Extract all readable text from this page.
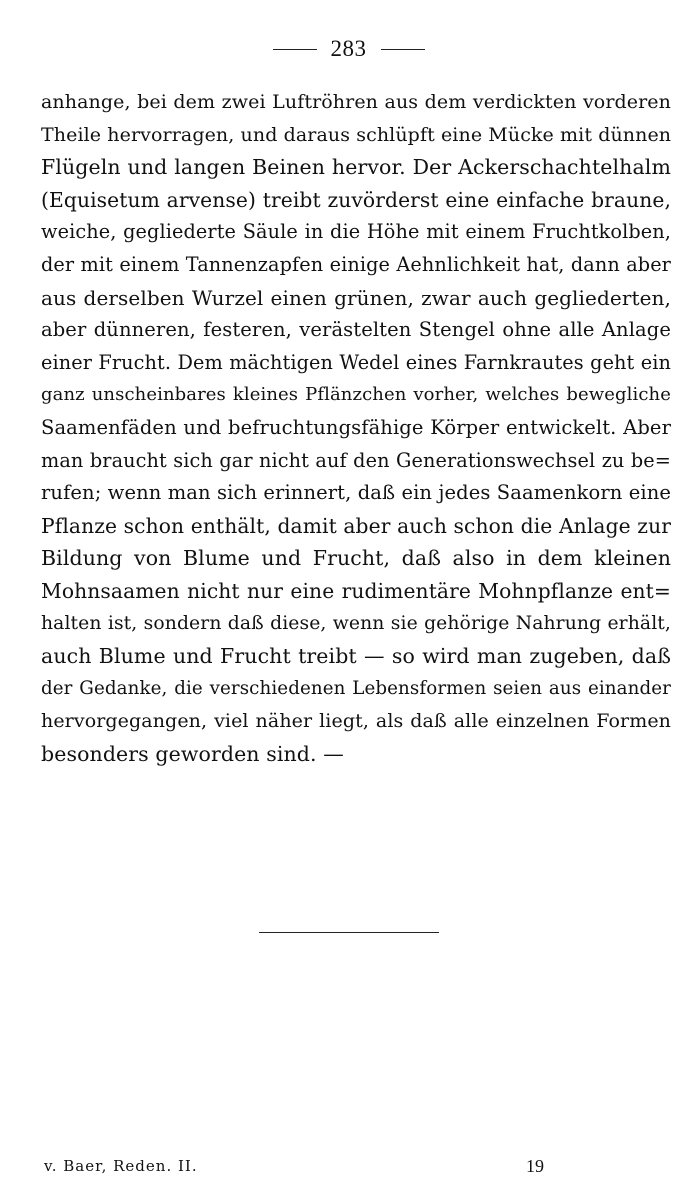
283
anhange, bei dem zwei Luftröhren aus dem verdickten vorderen
Theile hervorragen, und daraus schlüpft eine Mücke mit dünnen
Flügeln und langen Beinen hervor. Der Ackerschachtelhalm
(Equisetum arvense) treibt zuvörderst eine einfache braune,
weiche, gegliederte Säule in die Höhe mit einem Fruchtkolben,
der mit einem Tannenzapfen einige Aehnlichkeit hat, dann aber
aus derselben Wurzel einen grünen, zwar auch gegliederten,
aber dünneren, festeren, verästelten Stengel ohne alle Anlage
einer Frucht. Dem mächtigen Wedel eines Farnkrautes geht ein
ganz unscheinbares kleines Pflänzchen vorher, welches bewegliche
Saamenfäden und befruchtungsfähige Körper entwickelt. Aber
man braucht sich gar nicht auf den Generationswechsel zu be=
rufen; wenn man sich erinnert, daß ein jedes Saamenkorn eine
Pflanze schon enthält, damit aber auch schon die Anlage zur
Bildung von Blume und Frucht, daß also in dem kleinen
Mohnsaamen nicht nur eine rudimentäre Mohnpflanze ent=
halten ist, sondern daß diese, wenn sie gehörige Nahrung erhält,
auch Blume und Frucht treibt — so wird man zugeben, daß
der Gedanke, die verschiedenen Lebensformen seien aus einander
hervorgegangen, viel näher liegt, als daß alle einzelnen Formen
besonders geworden sind. —
v. Baer, Reden. II.	19
